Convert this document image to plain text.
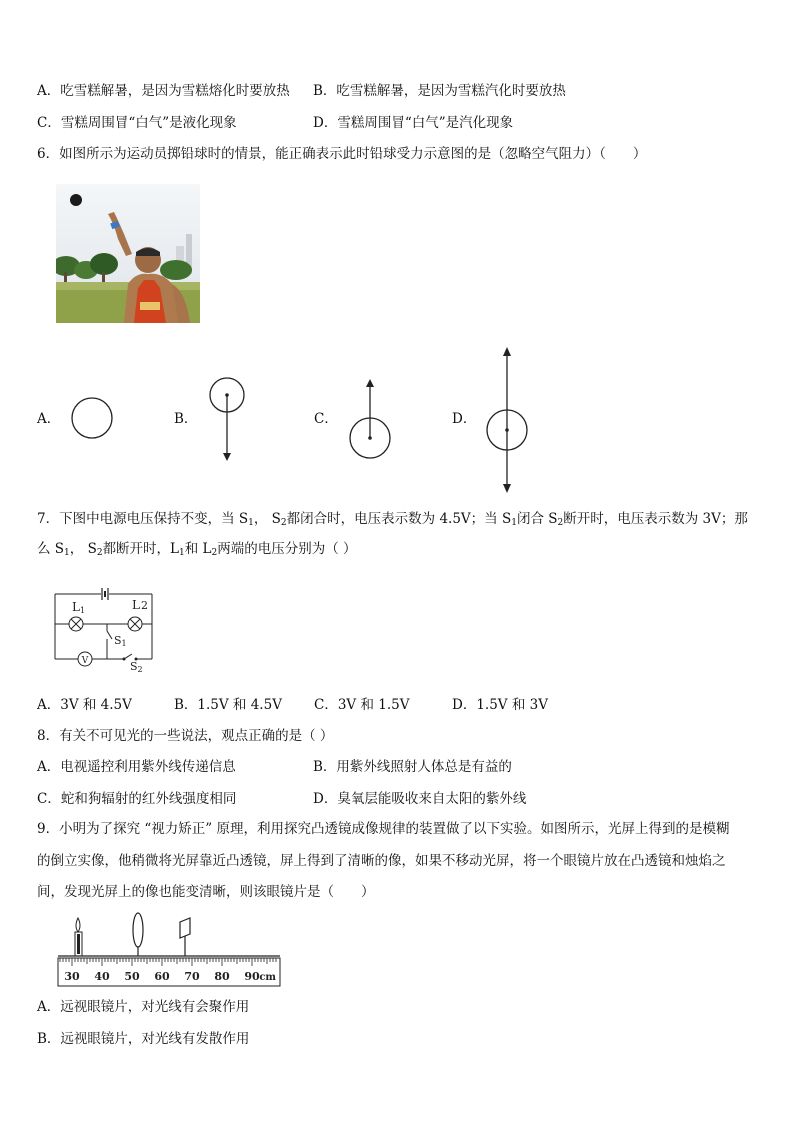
A．吃雪糕解暑，是因为雪糕熔化时要放热 B．吃雪糕解暑，是因为雪糕汽化时要放热
C．雪糕周围冒“白气”是液化现象	D．雪糕周围冒“白气”是汽化现象
6．如图所示为运动员掷铅球时的情景，能正确表示此时铅球受力示意图的是（忽略空气阻力）（　　）
A．	B．	C．	D．
7．下图中电源电压保持不变，当 $S_1$， $S_2$都闭合时，电压表示数为 4.5V；当 $S_1$闭合 $S_2$断开时，电压表示数为 3V；那
么 $S_1$， $S_2$都断开时，$L_1$和 $L_2$两端的电压分别为（ ）
V
L1	L2
S1
S2
A．3V 和 4.5V	B．1.5V 和 4.5V C．3V 和 1.5V	D．1.5V 和 3V
8．有关不可见光的一些说法，观点正确的是（ ）
A．电视遥控利用紫外线传递信息	B．用紫外线照射人体总是有益的
C．蛇和狗辐射的红外线强度相同	D．臭氧层能吸收来自太阳的紫外线
9．小明为了探究 “视力矫正” 原理，利用探究凸透镜成像规律的装置做了以下实验。如图所示，光屏上得到的是模糊
的倒立实像，他稍微将光屏靠近凸透镜，屏上得到了清晰的像，如果不移动光屏，将一个眼镜片放在凸透镜和烛焰之
间，发现光屏上的像也能变清晰，则该眼镜片是（　　）
30 40 50 60 70 80 90 cm
A．远视眼镜片，对光线有会聚作用
B．远视眼镜片，对光线有发散作用
